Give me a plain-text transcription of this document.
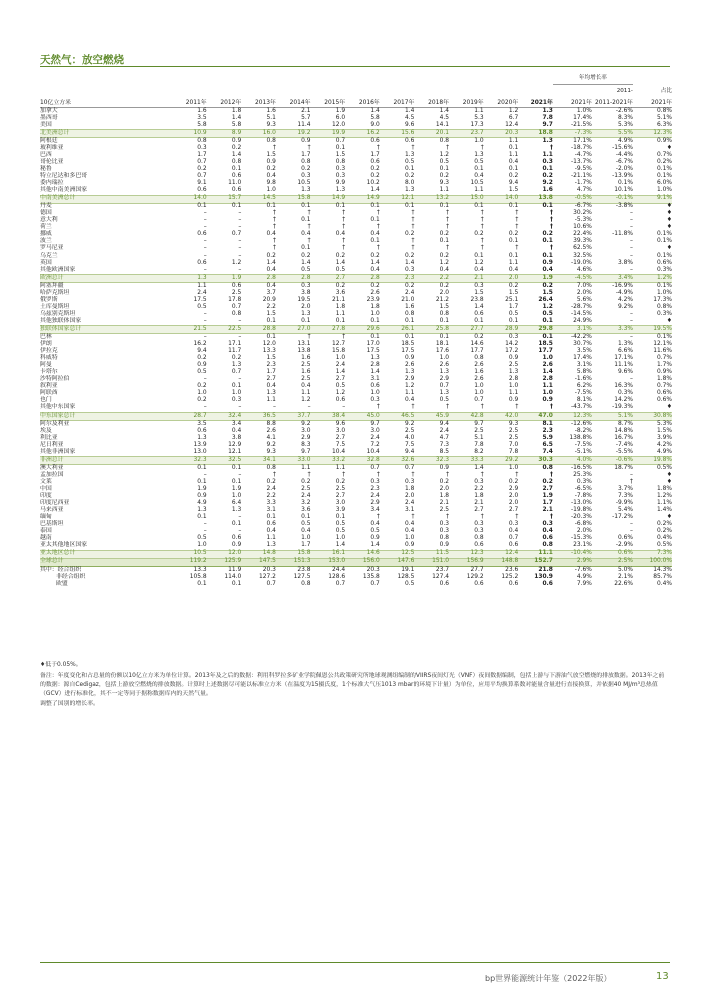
天然气：放空燃烧
												年均增长率		
													2011-	占比
10亿立方米	2011年	2012年	2013年	2014年	2015年	2016年	2017年	2018年	2019年	2020年	2021年	2021年	2011-2021年	2021年
加拿大	1.6	1.8	1.6	2.1	1.9	1.4	1.4	1.4	1.1	1.2	1.3	1.0%	-2.6%	0.8%
墨西哥	3.5	1.4	5.1	5.7	6.0	5.8	4.5	4.5	5.3	6.7	7.8	17.4%	8.3%	5.1%
美国	5.8	5.8	9.3	11.4	12.0	9.0	9.6	14.1	17.3	12.4	9.7	-21.5%	5.3%	6.3%
北美洲总计	10.9	8.9	16.0	19.2	19.9	16.2	15.6	20.1	23.7	20.3	18.8	-7.3%	5.5%	12.3%
阿根廷	0.8	0.9	0.8	0.9	0.7	0.6	0.6	0.8	1.0	1.1	1.3	17.1%	4.9%	0.9%
玻利维亚	0.3	0.2	†	†	0.1	†	†	†	†	0.1	†	-18.7%	-15.6%	♦
巴西	1.7	1.4	1.5	1.7	1.5	1.7	1.3	1.2	1.3	1.1	1.1	-4.7%	-4.4%	0.7%
哥伦比亚	0.7	0.8	0.9	0.8	0.8	0.6	0.5	0.5	0.5	0.4	0.3	-13.7%	-6.7%	0.2%
秘鲁	0.2	0.1	0.2	0.2	0.3	0.2	0.1	0.1	0.1	0.1	0.1	-9.5%	-2.0%	0.1%
特立尼达和多巴哥	0.7	0.6	0.4	0.3	0.3	0.2	0.2	0.2	0.4	0.2	0.2	-21.1%	-13.9%	0.1%
委内瑞拉	9.1	11.0	9.8	10.5	9.9	10.2	8.0	9.3	10.5	9.4	9.2	-1.7%	0.1%	6.0%
其他中南美洲国家	0.6	0.6	1.0	1.3	1.3	1.4	1.3	1.1	1.1	1.5	1.6	4.7%	10.1%	1.0%
中南美洲总计	14.0	15.7	14.5	15.8	14.9	14.9	12.1	13.2	15.0	14.0	13.8	-0.5%	-0.1%	9.1%
丹麦	0.1	0.1	0.1	0.1	0.1	0.1	0.1	0.1	0.1	0.1	0.1	-6.7%	-3.8%	♦
德国	–	–	†	†	†	†	†	†	†	†	†	30.2%	–	♦
意大利	–	–	†	0.1	†	0.1	†	†	†	†	†	-5.3%	–	♦
荷兰	–	–	†	†	†	†	†	†	†	†	†	10.6%	–	♦
挪威	0.6	0.7	0.4	0.4	0.4	0.4	0.2	0.2	0.2	0.2	0.2	22.4%	-11.8%	0.1%
波兰	–	–	†	†	†	0.1	†	0.1	†	0.1	0.1	39.3%	–	0.1%
罗马尼亚	–	–	†	0.1	†	†	†	†	†	†	†	62.5%	–	♦
乌克兰	–	–	0.2	0.2	0.2	0.2	0.2	0.2	0.1	0.1	0.1	32.5%	–	0.1%
英国	0.6	1.2	1.4	1.4	1.4	1.4	1.4	1.2	1.2	1.1	0.9	-19.0%	3.8%	0.6%
其他欧洲国家	–	–	0.4	0.5	0.5	0.4	0.3	0.4	0.4	0.4	0.4	4.6%	–	0.3%
欧洲总计	1.3	1.9	2.8	2.8	2.7	2.8	2.3	2.2	2.1	2.0	1.9	-4.5%	3.4%	1.2%
阿塞拜疆	1.1	0.6	0.4	0.3	0.2	0.2	0.2	0.2	0.3	0.2	0.2	7.0%	-16.9%	0.1%
哈萨克斯坦	2.4	2.5	3.7	3.8	3.6	2.6	2.4	2.0	1.5	1.5	1.5	2.0%	-4.9%	1.0%
俄罗斯	17.5	17.8	20.9	19.5	21.1	23.9	21.0	21.2	23.8	25.1	26.4	5.6%	4.2%	17.3%
土库曼斯坦	0.5	0.7	2.2	2.0	1.8	1.8	1.6	1.5	1.4	1.7	1.2	-28.7%	9.2%	0.8%
乌兹别克斯坦	–	0.8	1.5	1.3	1.1	1.0	0.8	0.8	0.6	0.5	0.5	-14.5%	–	0.3%
其他独联体国家	–	–	0.1	0.1	0.1	0.1	0.1	0.1	0.1	0.1	0.1	24.9%	–	♦
独联体国家总计	21.5	22.5	28.8	27.0	27.8	29.6	26.1	25.8	27.7	28.9	29.8	3.1%	3.3%	19.5%
巴林	–	–	0.1	†	†	0.1	0.1	0.1	0.2	0.3	0.1	-42.2%	–	0.1%
伊朗	16.2	17.1	12.0	13.1	12.7	17.0	18.5	18.1	14.6	14.2	18.5	30.7%	1.3%	12.1%
伊拉克	9.4	11.7	13.3	13.8	15.8	17.5	17.5	17.6	17.7	17.2	17.7	3.5%	6.6%	11.6%
科威特	0.2	0.2	1.5	1.6	1.0	1.3	0.9	1.0	0.8	0.9	1.0	17.4%	17.1%	0.7%
阿曼	0.9	1.3	2.3	2.5	2.4	2.8	2.6	2.6	2.6	2.5	2.6	3.1%	11.1%	1.7%
卡塔尔	0.5	0.7	1.7	1.6	1.4	1.4	1.3	1.3	1.6	1.3	1.4	5.8%	9.6%	0.9%
沙特阿拉伯	–	–	2.7	2.5	2.7	3.1	2.9	2.9	2.6	2.8	2.8	-1.6%	–	1.8%
叙利亚	0.2	0.1	0.4	0.4	0.5	0.6	1.2	0.7	1.0	1.0	1.1	6.2%	16.3%	0.7%
阿联酋	1.0	1.0	1.3	1.1	1.2	1.0	1.1	1.3	1.0	1.1	1.0	-7.5%	0.3%	0.6%
也门	0.2	0.3	1.1	1.2	0.6	0.3	0.4	0.5	0.7	0.9	0.9	8.1%	14.2%	0.6%
其他中东国家	–	–	–	–	–	†	†	†	†	†	†	-43.7%	-19.3%	♦
中东国家总计	28.7	32.4	36.5	37.7	38.4	45.0	46.5	45.9	42.8	42.0	47.0	12.3%	5.1%	30.8%
阿尔及利亚	3.5	3.4	8.8	9.2	9.6	9.7	9.2	9.4	9.7	9.3	8.1	-12.6%	8.7%	5.3%
埃及	0.6	0.4	2.6	3.0	3.0	3.0	2.5	2.4	2.5	2.5	2.3	-8.2%	14.8%	1.5%
利比亚	1.3	3.8	4.1	2.9	2.7	2.4	4.0	4.7	5.1	2.5	5.9	138.8%	16.7%	3.9%
尼日利亚	13.9	12.9	9.2	8.3	7.5	7.2	7.5	7.3	7.8	7.0	6.5	-7.5%	-7.4%	4.2%
其他非洲国家	13.0	12.1	9.3	9.7	10.4	10.4	9.4	8.5	8.2	7.8	7.4	-5.1%	-5.5%	4.9%
非洲总计	32.3	32.5	34.1	33.0	33.2	32.8	32.6	32.3	33.3	29.2	30.3	4.0%	-0.6%	19.8%
澳大利亚	0.1	0.1	0.8	1.1	1.1	0.7	0.7	0.9	1.4	1.0	0.8	-16.5%	18.7%	0.5%
孟加拉国	–	–	†	†	†	†	†	†	†	†	†	25.3%	–	♦
文莱	0.1	0.1	0.2	0.2	0.2	0.3	0.3	0.2	0.3	0.2	0.2	0.3%	†	♦
中国	1.9	1.9	2.4	2.5	2.5	2.3	1.8	2.0	2.2	2.9	2.7	-6.5%	3.7%	1.8%
印度	0.9	1.0	2.2	2.4	2.7	2.4	2.0	1.8	1.8	2.0	1.9	-7.8%	7.3%	1.2%
印度尼西亚	4.9	6.4	3.3	3.2	3.0	2.9	2.4	2.1	2.1	2.0	1.7	-13.0%	-9.9%	1.1%
马来西亚	1.3	1.3	3.1	3.6	3.9	3.4	3.1	2.5	2.7	2.7	2.1	-19.8%	5.4%	1.4%
缅甸	0.1	–	0.1	0.1	0.1	†	†	†	†	†	†	-20.3%	-17.2%	♦
巴基斯坦	–	0.1	0.6	0.5	0.5	0.4	0.4	0.3	0.3	0.3	0.3	-6.8%	–	0.2%
泰国	–	–	0.4	0.4	0.5	0.5	0.4	0.3	0.3	0.4	0.4	2.0%	–	0.2%
越南	0.5	0.6	1.1	1.0	1.0	0.9	1.0	0.8	0.8	0.7	0.6	-15.3%	0.6%	0.4%
亚太其他地区国家	1.0	0.9	1.3	1.7	1.4	1.4	0.9	0.9	0.6	0.6	0.8	23.1%	-2.9%	0.5%
亚太地区总计	10.5	12.0	14.8	15.8	16.1	14.6	12.5	11.5	12.3	12.4	11.1	-10.4%	0.6%	7.3%
全球总计	119.2	125.9	147.5	151.3	153.0	156.0	147.6	151.0	156.9	148.8	152.7	2.9%	2.5%	100.0%
其中：经合组织	13.3	11.9	20.3	23.8	24.4	20.3	19.1	23.7	27.7	23.6	21.8	-7.6%	5.0%	14.3%
非经合组织	105.8	114.0	127.2	127.5	128.6	135.8	128.5	127.4	129.2	125.2	130.9	4.9%	2.1%	85.7%
欧盟	0.1	0.1	0.7	0.8	0.7	0.7	0.5	0.6	0.6	0.6	0.6	7.9%	22.6%	0.4%

♦低于0.05%。

备注：年度变化和占总量的份额以10亿立方米为单位计算。2013年及之后的数据：利用科罗拉多矿业学院佩恩公共政策研究所地球观测组编制的VIIRS夜间灯光（VNF）夜间数据编制，包括上游与下游油气放空燃烧的排放数据。2013年之前的数据：源自Cedigaz，包括上游放空燃烧的排放数据。计算时上述数据尽可能以标准立方米（在温度为15摄氏度，1个标准大气压1013 mbar的环境下计量）为单位，应用平均换算系数对能量含量进行直接换算，并依据40 MJ/m³总热值（GCV）进行标准化，其不一定等同于据称数据库内的天然气量。

调整了国别的增长率。

bp世界能源统计年鉴（2022年版）	13
